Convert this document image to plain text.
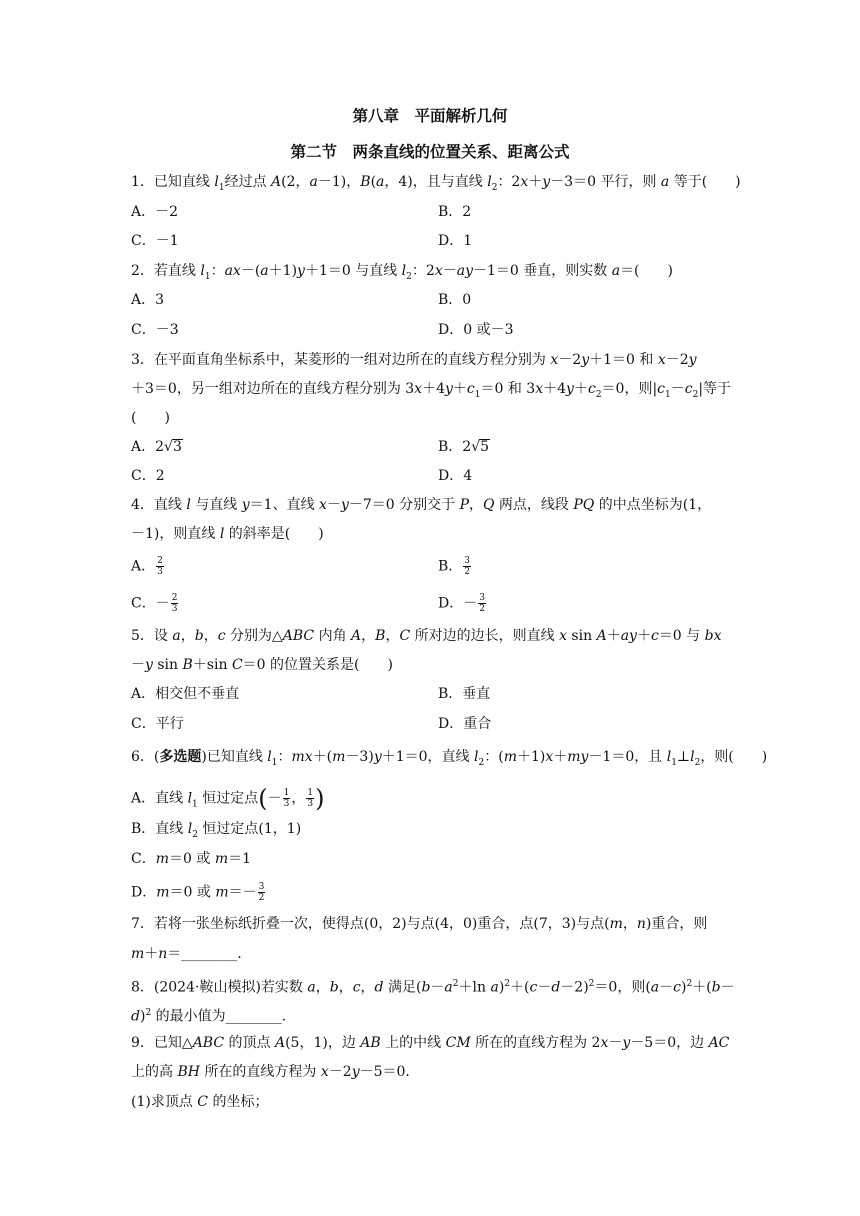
第八章　平面解析几何
第二节　两条直线的位置关系、距离公式
1．已知直线 $l_1$经过点 A(2，a－1)，B(a，4)，且与直线 $l_2$：2x＋y－3＝0 平行，则 a 等于(　　)
A．－2	B．2
C．－1	D．1
2．若直线 $l_1$：ax－(a＋1)y＋1＝0 与直线 $l_2$：2x－ay－1＝0 垂直，则实数 a＝(　　)
A．3	B．0
C．－3	D．0 或－3
3．在平面直角坐标系中，某菱形的一组对边所在的直线方程分别为 x－2y＋1＝0 和 x－2y
＋3＝0，另一组对边所在的直线方程分别为 $3x+4y+c_1=0$ 和 $3x+4y+c_2=0$，则$|c_1-c_2|$等于
(　　)
A．2√3	B．2√5
C．2	D．4
4．直线 l 与直线 y＝1、直线 x－y－7＝0 分别交于 P，Q 两点，线段 PQ 的中点坐标为(1，
－1)，则直线 l 的斜率是(　　)
A． $\frac{2}{3}$	B． $\frac{3}{2}$
C．－ $\frac{2}{3}$	D．－ $\frac{3}{2}$
5．设 a，b，c 分别为△ABC 内角 A，B，C 所对边的边长，则直线 x sin A＋ay＋c＝0 与 bx
－y sin B＋sin C＝0 的位置关系是(　　)
A．相交但不垂直	B．垂直
C．平行	D．重合
6．(多选题)已知直线 $l_1$：mx＋(m－3)y＋1＝0，直线 $l_2$：(m＋1)x＋my－1＝0，且 $l_1\perp l_2$，则(　　)
A．直线 $l_1$ 恒过定点(－ $\frac{1}{3}$ ， $\frac{1}{3}$ )
B．直线 $l_2$ 恒过定点(1，1)
C．m＝0 或 m＝1
D．m＝0 或 $m=- \frac{3}{2}$
7．若将一张坐标纸折叠一次，使得点(0，2)与点(4，0)重合，点(7，3)与点(m，n)重合，则
m＋n＝________.
8．(2024·鞍山模拟)若实数 a，b，c，d 满足($b-a^2+\ln$ $a)^2+(c-d-2)^2=0$，则$(a-c)^2+(b-$
d)$^2$ 的最小值为________.
9．已知△ABC 的顶点 A(5，1)，边 AB 上的中线 CM 所在的直线方程为 2x－y－5＝0，边 AC
上的高 BH 所在的直线方程为 x－2y－5＝0.
(1)求顶点 C 的坐标；
